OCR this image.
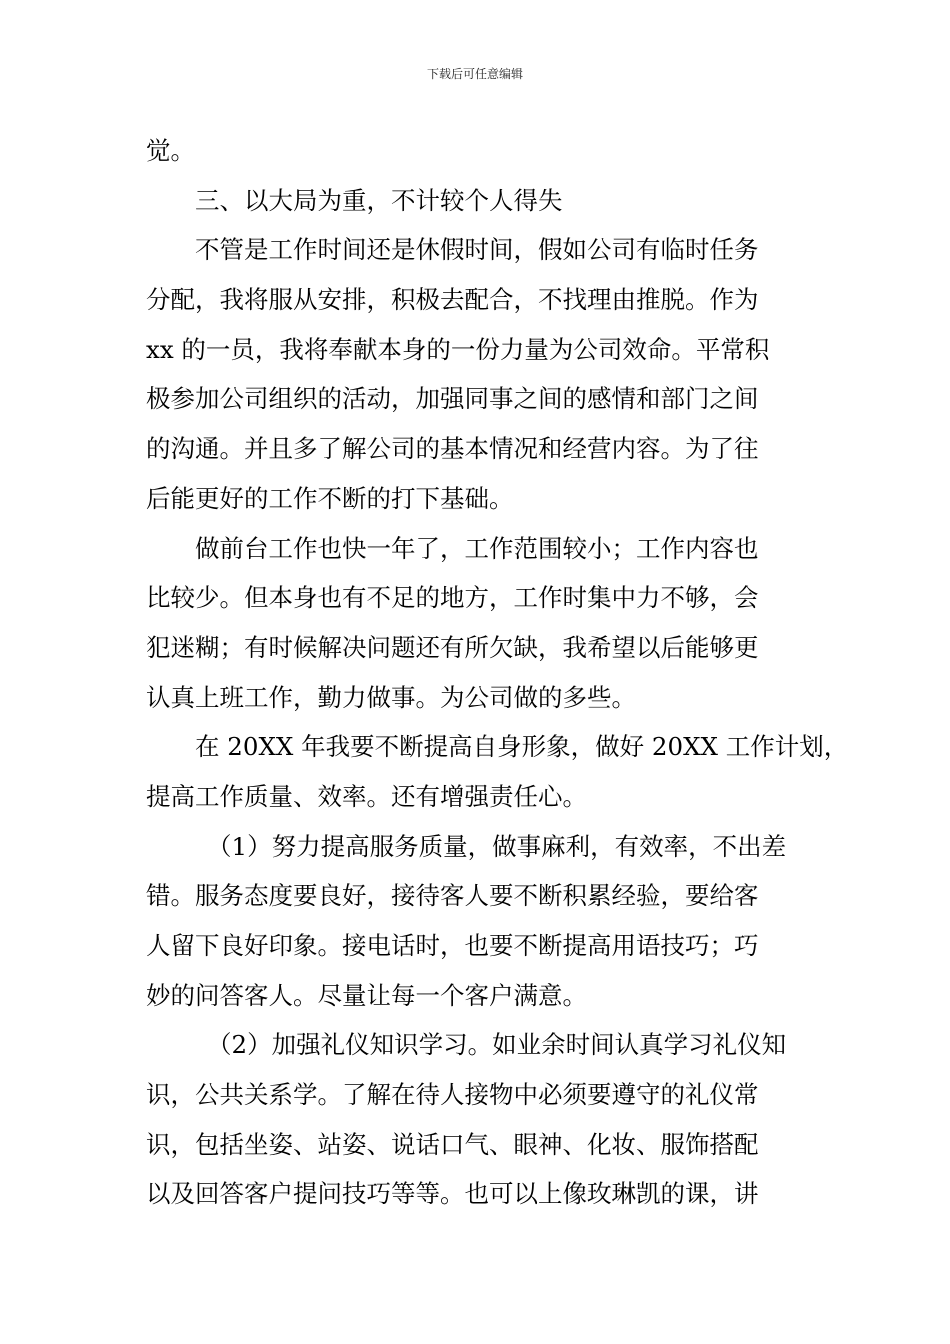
下载后可任意编辑
觉。
三、以大局为重，不计较个人得失
不管是工作时间还是休假时间，假如公司有临时任务
分配，我将服从安排，积极去配合，不找理由推脱。作为
xx 的一员，我将奉献本身的一份力量为公司效命。平常积
极参加公司组织的活动，加强同事之间的感情和部门之间
的沟通。并且多了解公司的基本情况和经营内容。为了往
后能更好的工作不断的打下基础。
做前台工作也快一年了，工作范围较小；工作内容也
比较少。但本身也有不足的地方，工作时集中力不够，会
犯迷糊；有时候解决问题还有所欠缺，我希望以后能够更
认真上班工作，勤力做事。为公司做的多些。
在 20XX 年我要不断提高自身形象，做好 20XX 工作计划，
提高工作质量、效率。还有增强责任心。
（1）努力提高服务质量，做事麻利，有效率，不出差
错。服务态度要良好，接待客人要不断积累经验，要给客
人留下良好印象。接电话时，也要不断提高用语技巧；巧
妙的问答客人。尽量让每一个客户满意。
（2）加强礼仪知识学习。如业余时间认真学习礼仪知
识，公共关系学。了解在待人接物中必须要遵守的礼仪常
识，包括坐姿、站姿、说话口气、眼神、化妆、服饰搭配
以及回答客户提问技巧等等。也可以上像玫琳凯的课，讲
